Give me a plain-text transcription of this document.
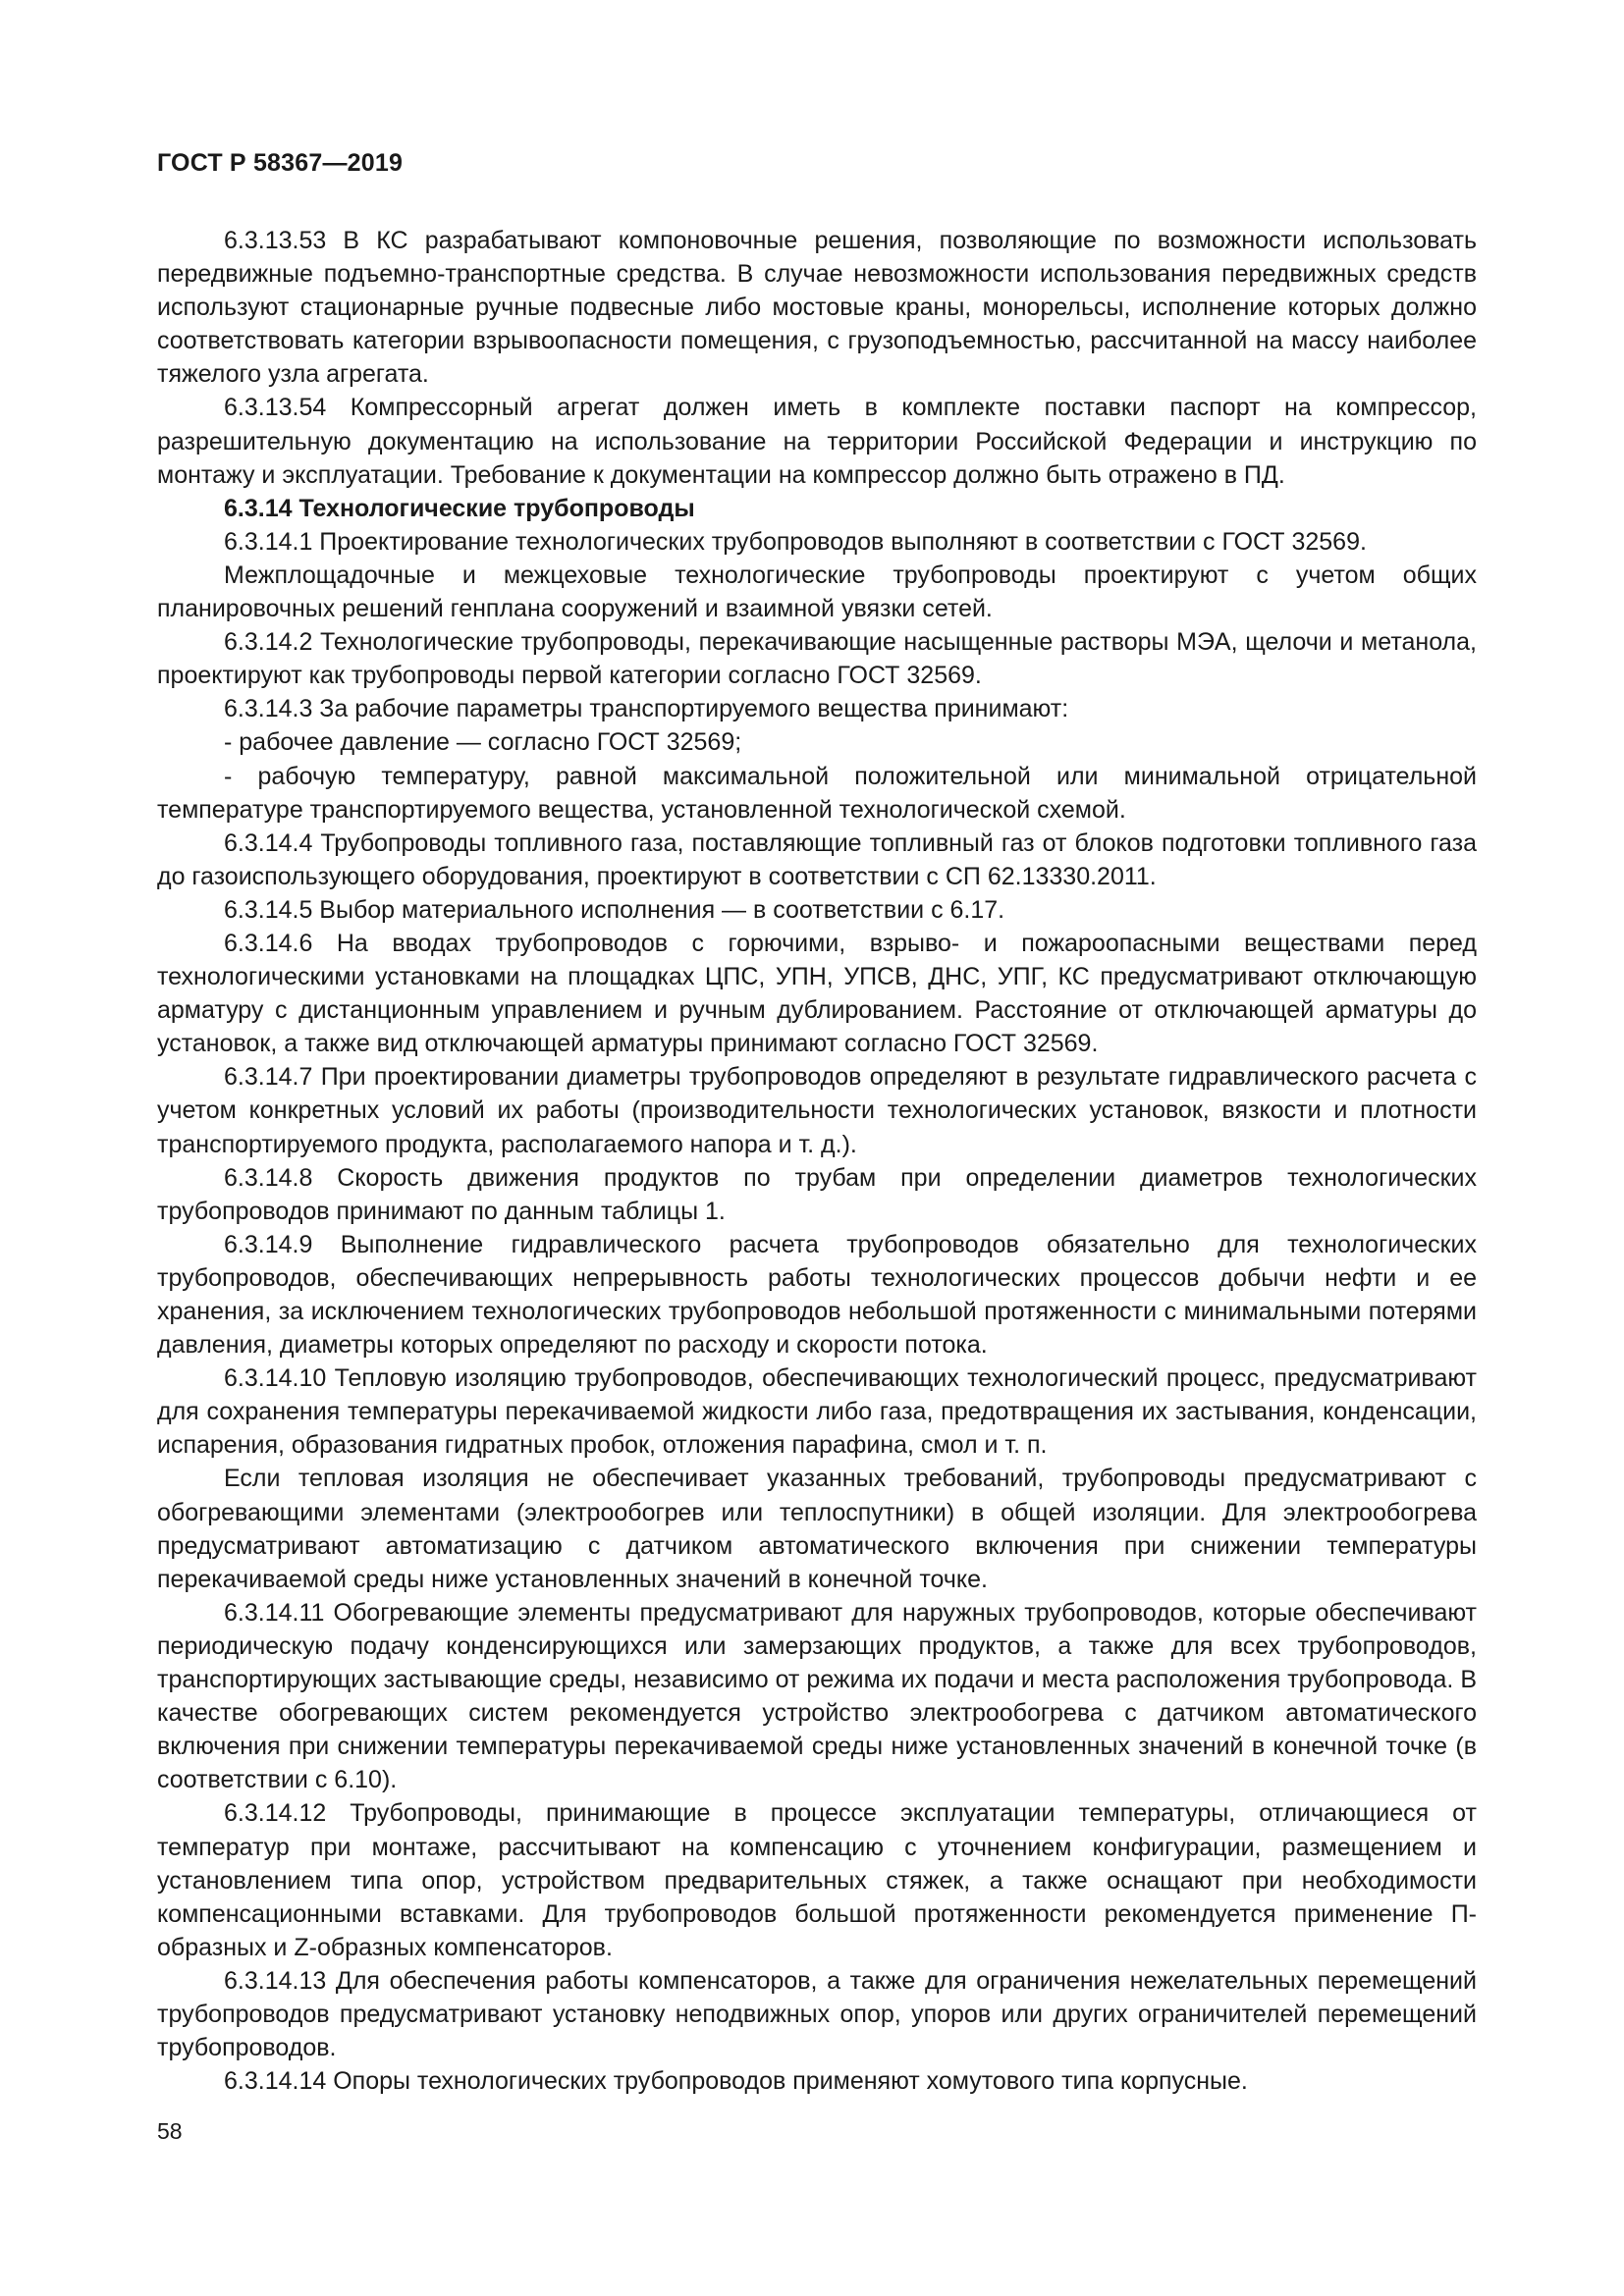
ГОСТ Р 58367—2019

6.3.13.53 В КС разрабатывают компоновочные решения, позволяющие по возможности использовать передвижные подъемно-транспортные средства. В случае невозможности использования передвижных средств используют стационарные ручные подвесные либо мостовые краны, монорельсы, исполнение которых должно соответствовать категории взрывоопасности помещения, с грузоподъемностью, рассчитанной на массу наиболее тяжелого узла агрегата.

6.3.13.54 Компрессорный агрегат должен иметь в комплекте поставки паспорт на компрессор, разрешительную документацию на использование на территории Российской Федерации и инструкцию по монтажу и эксплуатации. Требование к документации на компрессор должно быть отражено в ПД.

6.3.14 Технологические трубопроводы

6.3.14.1 Проектирование технологических трубопроводов выполняют в соответствии с ГОСТ 32569.

Межплощадочные и межцеховые технологические трубопроводы проектируют с учетом общих планировочных решений генплана сооружений и взаимной увязки сетей.

6.3.14.2 Технологические трубопроводы, перекачивающие насыщенные растворы МЭА, щелочи и метанола, проектируют как трубопроводы первой категории согласно ГОСТ 32569.

6.3.14.3 За рабочие параметры транспортируемого вещества принимают:

- рабочее давление — согласно ГОСТ 32569;

- рабочую температуру, равной максимальной положительной или минимальной отрицательной температуре транспортируемого вещества, установленной технологической схемой.

6.3.14.4 Трубопроводы топливного газа, поставляющие топливный газ от блоков подготовки топливного газа до газоиспользующего оборудования, проектируют в соответствии с СП 62.13330.2011.

6.3.14.5 Выбор материального исполнения — в соответствии с 6.17.

6.3.14.6 На вводах трубопроводов с горючими, взрыво- и пожароопасными веществами перед технологическими установками на площадках ЦПС, УПН, УПСВ, ДНС, УПГ, КС предусматривают отключающую арматуру с дистанционным управлением и ручным дублированием. Расстояние от отключающей арматуры до установок, а также вид отключающей арматуры принимают согласно ГОСТ 32569.

6.3.14.7 При проектировании диаметры трубопроводов определяют в результате гидравлического расчета с учетом конкретных условий их работы (производительности технологических установок, вязкости и плотности транспортируемого продукта, располагаемого напора и т. д.).

6.3.14.8 Скорость движения продуктов по трубам при определении диаметров технологических трубопроводов принимают по данным таблицы 1.

6.3.14.9 Выполнение гидравлического расчета трубопроводов обязательно для технологических трубопроводов, обеспечивающих непрерывность работы технологических процессов добычи нефти и ее хранения, за исключением технологических трубопроводов небольшой протяженности с минимальными потерями давления, диаметры которых определяют по расходу и скорости потока.

6.3.14.10 Тепловую изоляцию трубопроводов, обеспечивающих технологический процесс, предусматривают для сохранения температуры перекачиваемой жидкости либо газа, предотвращения их застывания, конденсации, испарения, образования гидратных пробок, отложения парафина, смол и т. п.

Если тепловая изоляция не обеспечивает указанных требований, трубопроводы предусматривают с обогревающими элементами (электрообогрев или теплоспутники) в общей изоляции. Для электрообогрева предусматривают автоматизацию с датчиком автоматического включения при снижении температуры перекачиваемой среды ниже установленных значений в конечной точке.

6.3.14.11 Обогревающие элементы предусматривают для наружных трубопроводов, которые обеспечивают периодическую подачу конденсирующихся или замерзающих продуктов, а также для всех трубопроводов, транспортирующих застывающие среды, независимо от режима их подачи и места расположения трубопровода. В качестве обогревающих систем рекомендуется устройство электрообогрева с датчиком автоматического включения при снижении температуры перекачиваемой среды ниже установленных значений в конечной точке (в соответствии с 6.10).

6.3.14.12 Трубопроводы, принимающие в процессе эксплуатации температуры, отличающиеся от температур при монтаже, рассчитывают на компенсацию с уточнением конфигурации, размещением и установлением типа опор, устройством предварительных стяжек, а также оснащают при необходимости компенсационными вставками. Для трубопроводов большой протяженности рекомендуется применение П-образных и Z-образных компенсаторов.

6.3.14.13 Для обеспечения работы компенсаторов, а также для ограничения нежелательных перемещений трубопроводов предусматривают установку неподвижных опор, упоров или других ограничителей перемещений трубопроводов.

6.3.14.14 Опоры технологических трубопроводов применяют хомутового типа корпусные.

58
